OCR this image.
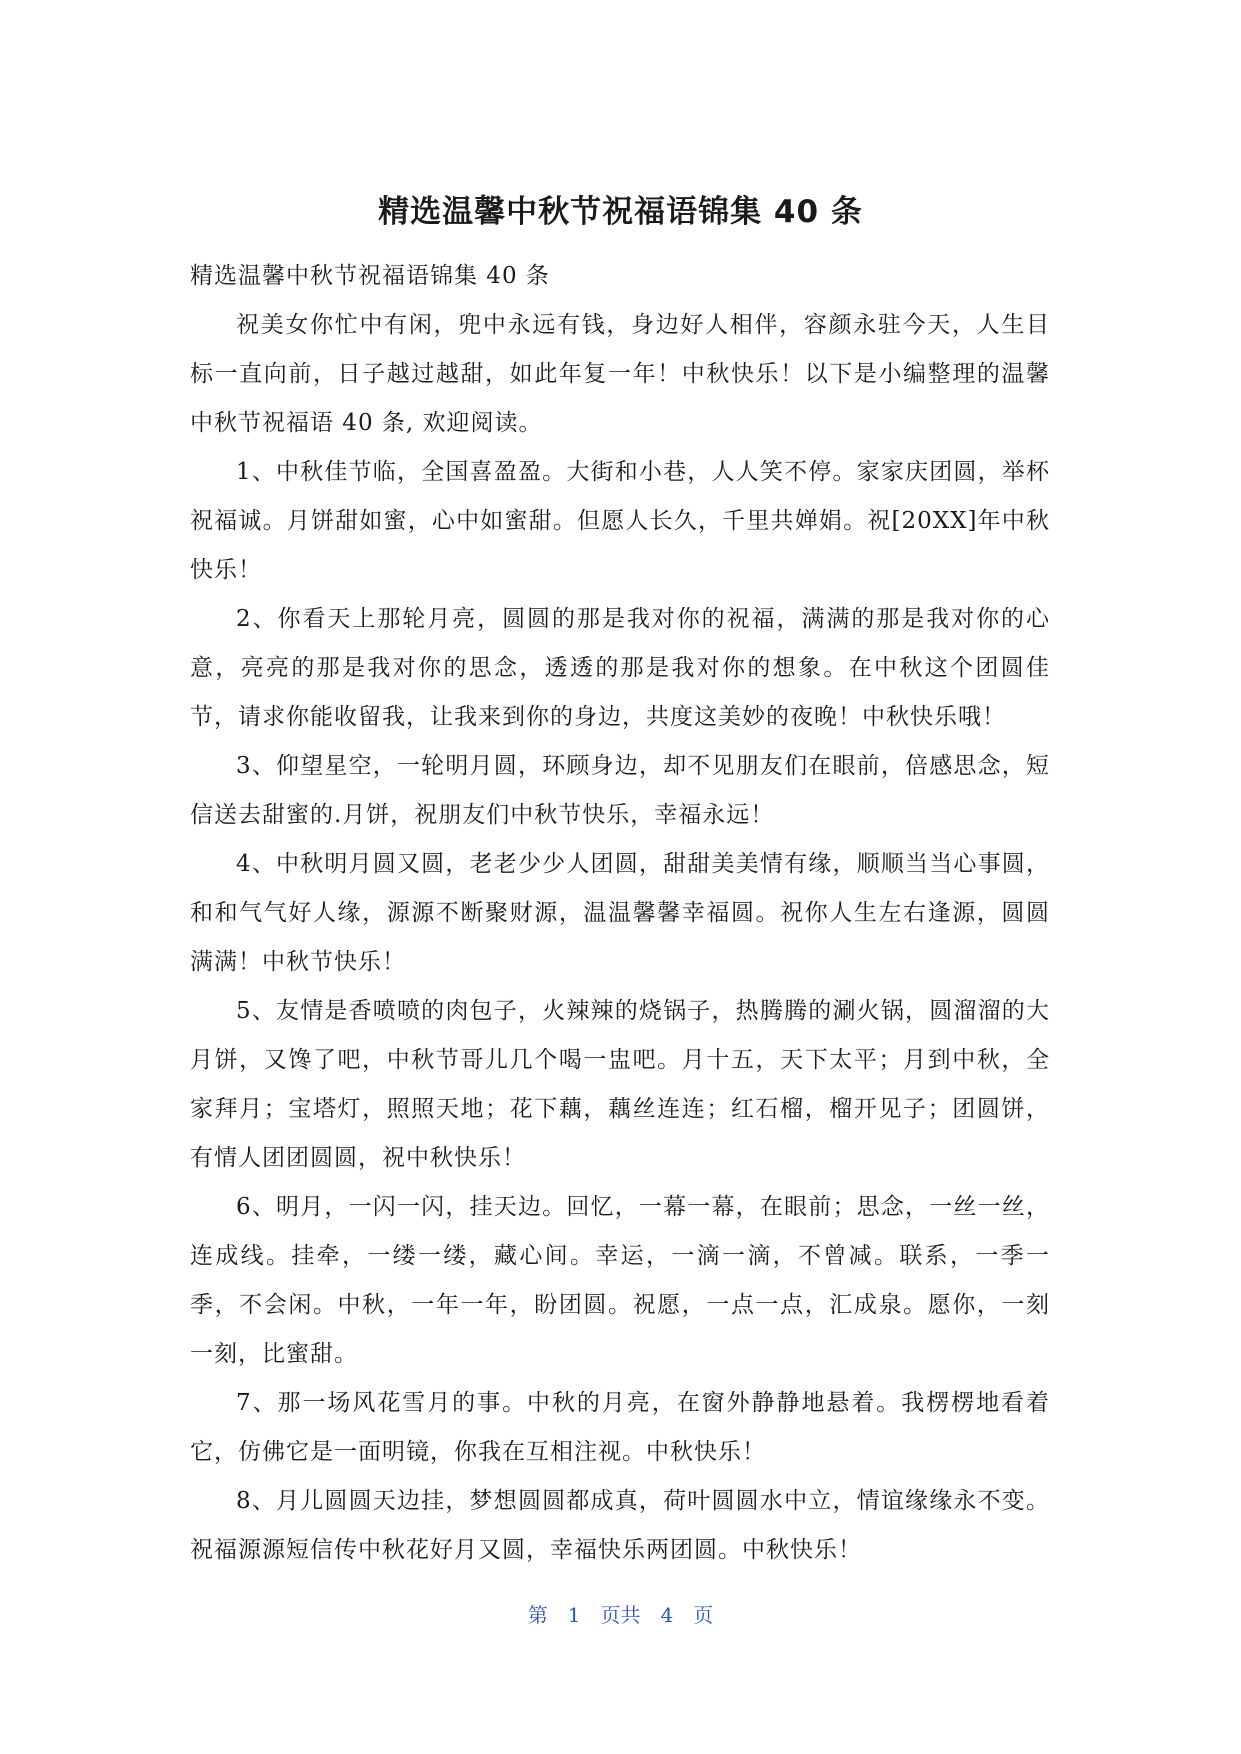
精选温馨中秋节祝福语锦集 40 条

精选温馨中秋节祝福语锦集 40 条

祝美女你忙中有闲，兜中永远有钱，身边好人相伴，容颜永驻今天，人生目标一直向前，日子越过越甜，如此年复一年！中秋快乐！以下是小编整理的温馨中秋节祝福语 40 条, 欢迎阅读。

1、中秋佳节临，全国喜盈盈。大街和小巷，人人笑不停。家家庆团圆，举杯祝福诚。月饼甜如蜜，心中如蜜甜。但愿人长久，千里共婵娟。祝[20XX]年中秋快乐！

2、你看天上那轮月亮，圆圆的那是我对你的祝福，满满的那是我对你的心意，亮亮的那是我对你的思念，透透的那是我对你的想象。在中秋这个团圆佳节，请求你能收留我，让我来到你的身边，共度这美妙的夜晚！中秋快乐哦！

3、仰望星空，一轮明月圆，环顾身边，却不见朋友们在眼前，倍感思念，短信送去甜蜜的.月饼，祝朋友们中秋节快乐，幸福永远！

4、中秋明月圆又圆，老老少少人团圆，甜甜美美情有缘，顺顺当当心事圆，和和气气好人缘，源源不断聚财源，温温馨馨幸福圆。祝你人生左右逢源，圆圆满满！中秋节快乐！

5、友情是香喷喷的肉包子，火辣辣的烧锅子，热腾腾的涮火锅，圆溜溜的大月饼，又馋了吧，中秋节哥儿几个喝一盅吧。月十五，天下太平；月到中秋，全家拜月；宝塔灯，照照天地；花下藕，藕丝连连；红石榴，榴开见子；团圆饼，有情人团团圆圆，祝中秋快乐！

6、明月，一闪一闪，挂天边。回忆，一幕一幕，在眼前；思念，一丝一丝，连成线。挂牵，一缕一缕，藏心间。幸运，一滴一滴，不曾减。联系，一季一季，不会闲。中秋，一年一年，盼团圆。祝愿，一点一点，汇成泉。愿你，一刻一刻，比蜜甜。

7、那一场风花雪月的事。中秋的月亮，在窗外静静地悬着。我楞楞地看着它，仿佛它是一面明镜，你我在互相注视。中秋快乐！

8、月儿圆圆天边挂，梦想圆圆都成真，荷叶圆圆水中立，情谊缘缘永不变。祝福源源短信传中秋花好月又圆，幸福快乐两团圆。中秋快乐！

第 1 页共 4 页
